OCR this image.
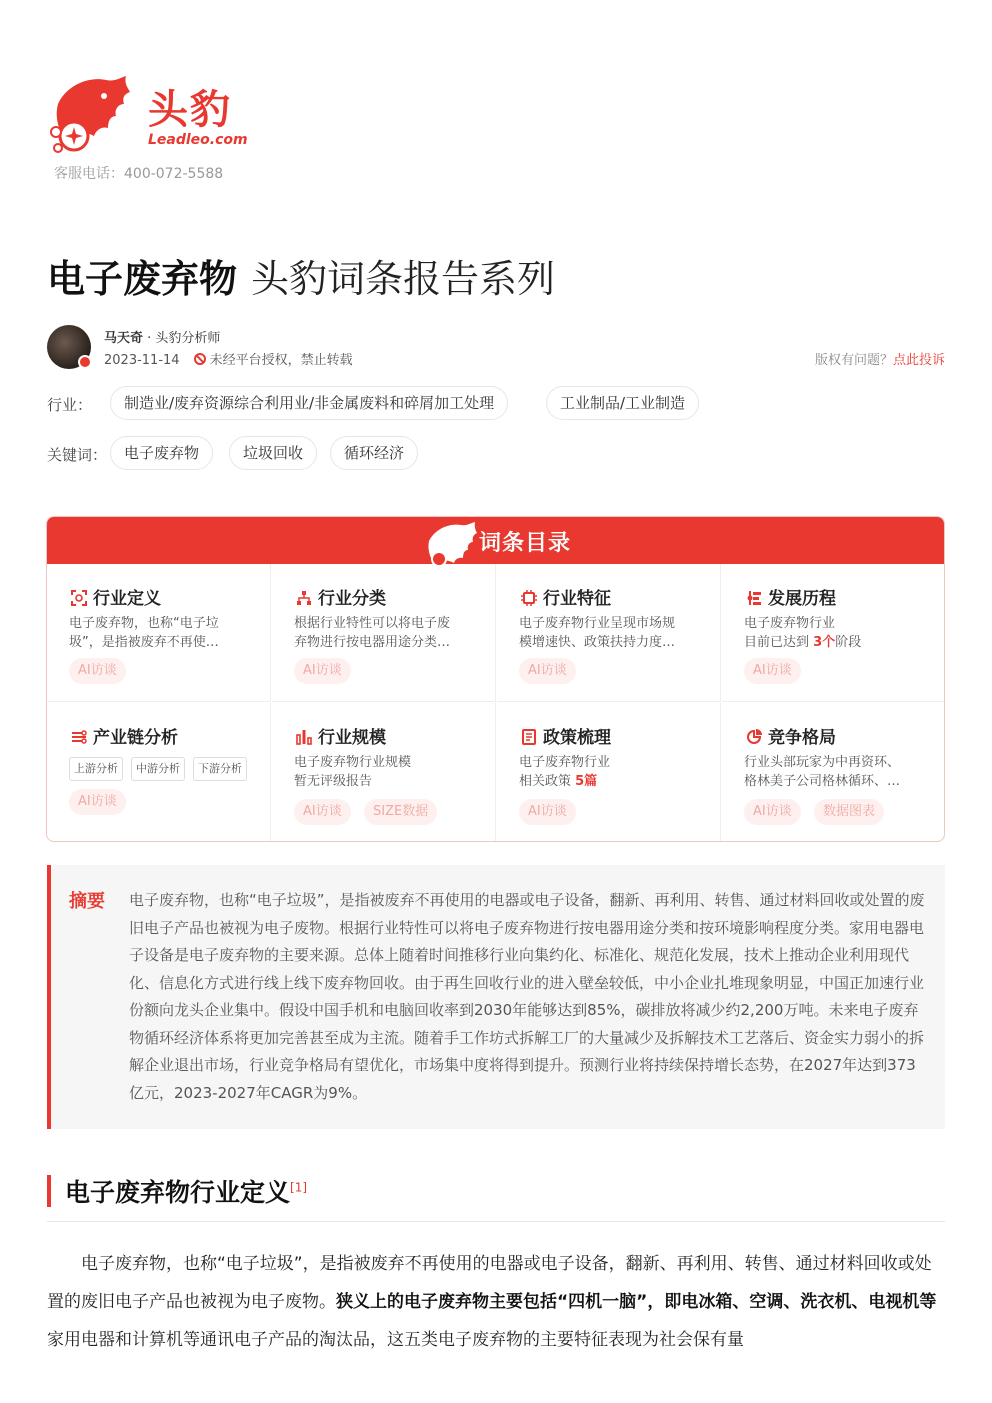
头豹
Leadleo.com
客服电话：400-072-5588
电子废弃物 头豹词条报告系列
马天奇 · 头豹分析师
2023-11-14 未经平台授权，禁止转载	版权有问题？点此投诉
行业：	制造业/废弃资源综合利用业/非金属废料和碎屑加工处理	工业制品/工业制造
关键词：	电子废弃物	垃圾回收	循环经济
词条目录
行业定义
电子废弃物，也称“电子垃
圾”，是指被废弃不再使…
AI访谈
行业分类
根据行业特性可以将电子废
弃物进行按电器用途分类…
AI访谈
行业特征
电子废弃物行业呈现市场规
模增速快、政策扶持力度…
AI访谈
发展历程
电子废弃物行业
目前已达到 3个阶段
AI访谈
产业链分析
上游分析	中游分析	下游分析
AI访谈
行业规模
电子废弃物行业规模
暂无评级报告
AI访谈	SIZE数据
政策梳理
电子废弃物行业
相关政策 5篇
AI访谈
竞争格局
行业头部玩家为中再资环、
格林美子公司格林循环、…
AI访谈	数据图表
摘要 电子废弃物，也称“电子垃圾”，是指被废弃不再使用的电器或电子设备，翻新、再利用、转售、通过材料回收或处置的废旧电子产品也被视为电子废物。根据行业特性可以将电子废弃物进行按电器用途分类和按环境影响程度分类。家用电器电子设备是电子废弃物的主要来源。总体上随着时间推移行业向集约化、标准化、规范化发展，技术上推动企业利用现代化、信息化方式进行线上线下废弃物回收。由于再生回收行业的进入壁垒较低，中小企业扎堆现象明显，中国正加速行业份额向龙头企业集中。假设中国手机和电脑回收率到2030年能够达到85%，碳排放将减少约2,200万吨。未来电子废弃物循环经济体系将更加完善甚至成为主流。随着手工作坊式拆解工厂的大量减少及拆解技术工艺落后、资金实力弱小的拆解企业退出市场，行业竞争格局有望优化，市场集中度将得到提升。预测行业将持续保持增长态势，在2027年达到373亿元，2023-2027年CAGR为9%。
电子废弃物行业定义[1]
电子废弃物，也称“电子垃圾”，是指被废弃不再使用的电器或电子设备，翻新、再利用、转售、通过材料回收或处置的废旧电子产品也被视为电子废物。狭义上的电子废弃物主要包括“四机一脑”，即电冰箱、空调、洗衣机、电视机等家用电器和计算机等通讯电子产品的淘汰品，这五类电子废弃物的主要特征表现为社会保有量
